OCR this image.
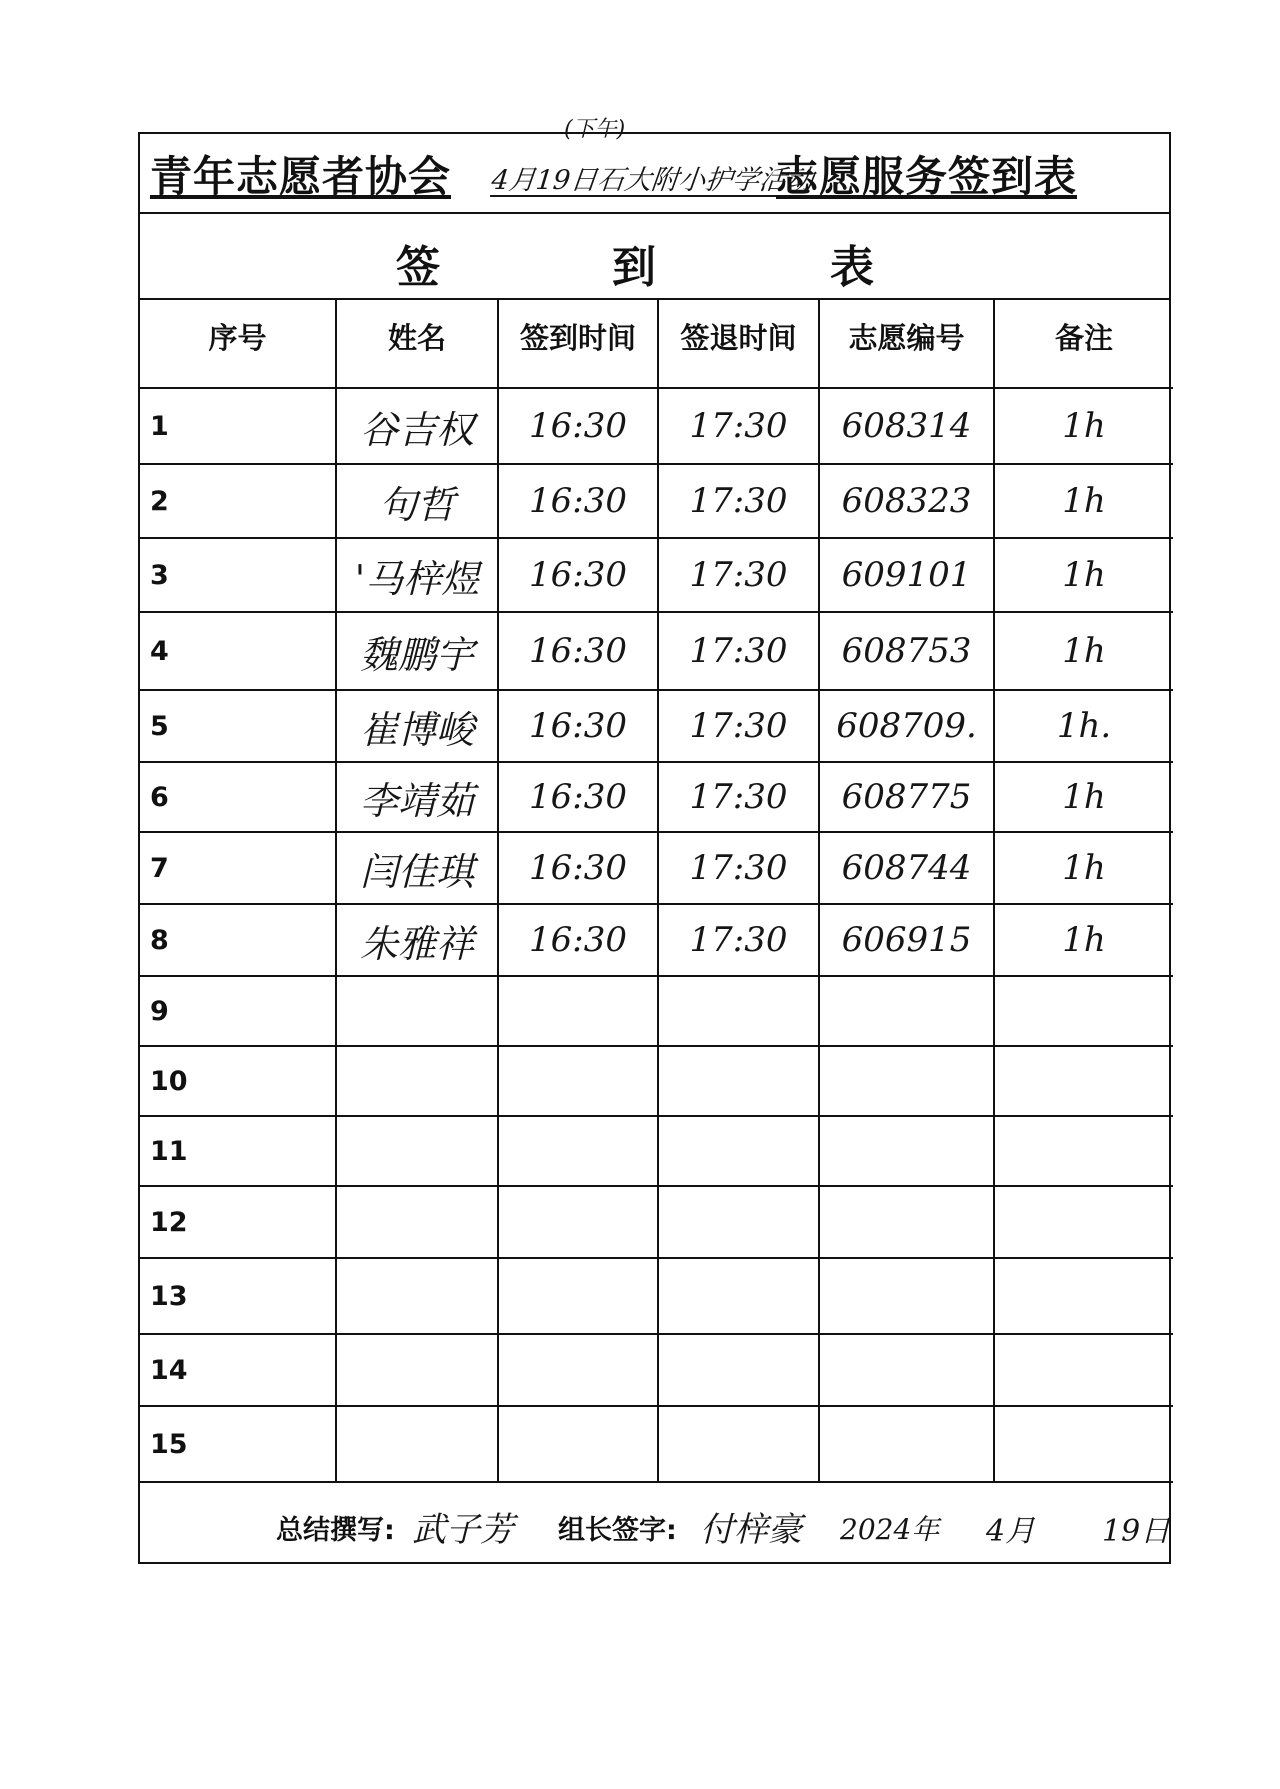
青年志愿者协会 4月19日石大附小护学活动
(下午)
志愿服务签到表
签	到	表
序号	姓名	签到时间	签退时间	志愿编号	备注
1	谷吉权	16:30	17:30	608314	1h
2	句哲	16:30	17:30	608323	1h
3	'马梓煜	16:30	17:30	609101	1h
4	魏鹏宇	16:30	17:30	608753	1h
5	崔博峻	16:30	17:30	608709.	1h.
6	李靖茹	16:30	17:30	608775	1h
7	闫佳琪	16:30	17:30	608744	1h
8	朱雅祥	16:30	17:30	606915	1h
9					
10					
11					
12					
13					
14					
15					
总结撰写: 武子芳 组长签字: 付梓豪 2024年 4月 19日
